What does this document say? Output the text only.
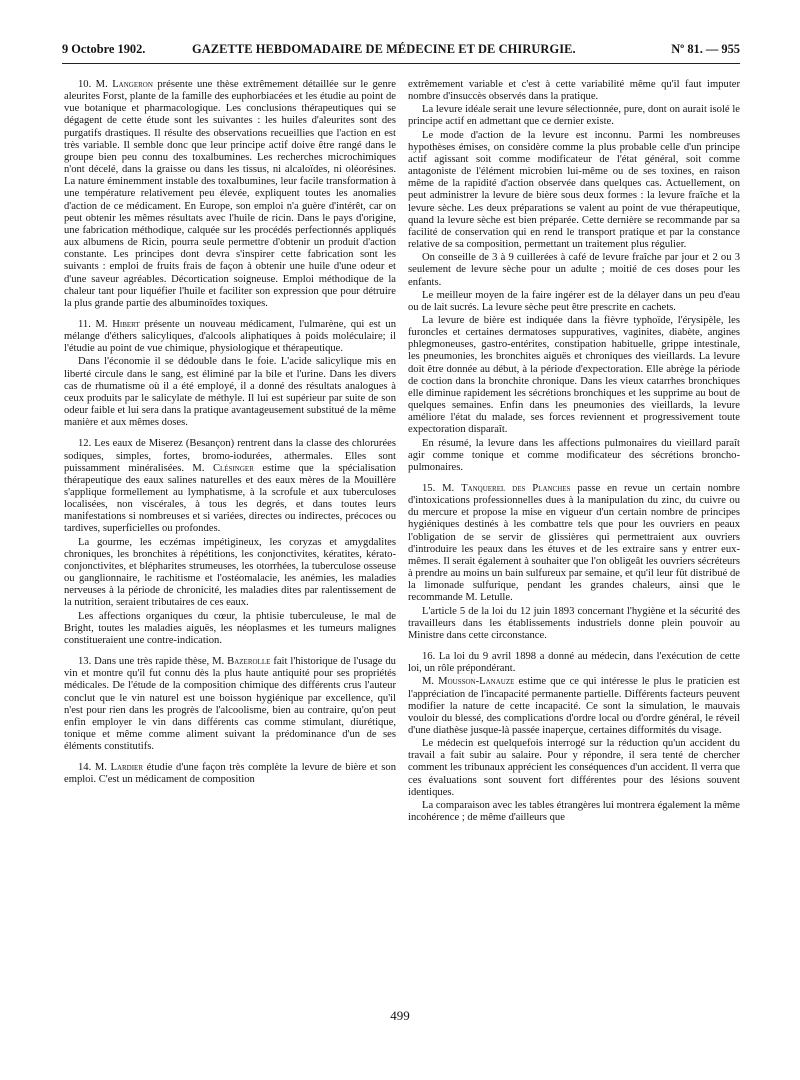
9 Octobre 1902.	GAZETTE HEBDOMADAIRE DE MÉDECINE ET DE CHIRURGIE.	Nº 81. — 955

10. M. Langeron présente une thèse extrêmement détaillée sur le genre aleurites Forst, plante de la famille des euphorbiacées et les étudie au point de vue botanique et pharmacologique. Les conclusions thérapeutiques qui se dégagent de cette étude sont les suivantes : les huiles d'aleurites sont des purgatifs drastiques. Il résulte des observations recueillies que l'action en est très variable. Il semble donc que leur principe actif doive être rangé dans le groupe bien peu connu des toxalbumines. Les recherches microchimiques n'ont décelé, dans la graisse ou dans les tissus, ni alcaloïdes, ni oléorésines. La nature éminemment instable des toxalbumines, leur facile transformation à une température relativement peu élevée, expliquent toutes les anomalies d'action de ce médicament. En Europe, son emploi n'a guère d'intérêt, car on peut obtenir les mêmes résultats avec l'huile de ricin. Dans le pays d'origine, une fabrication méthodique, calquée sur les procédés perfectionnés appliqués aux albumens de Ricin, pourra seule permettre d'obtenir un produit d'action constante. Les principes dont devra s'inspirer cette fabrication sont les suivants : emploi de fruits frais de façon à obtenir une huile d'une odeur et d'une saveur agréables. Décortication soigneuse. Emploi méthodique de la chaleur tant pour liquéfier l'huile et faciliter son expression que pour détruire la plus grande partie des albuminoïdes toxiques.

11. M. Hibert présente un nouveau médicament, l'ulmarène, qui est un mélange d'éthers salicyliques, d'alcools aliphatiques à poids moléculaire; il l'étudie au point de vue chimique, physiologique et thérapeutique.

Dans l'économie il se dédouble dans le foie. L'acide salicylique mis en liberté circule dans le sang, est éliminé par la bile et l'urine. Dans les divers cas de rhumatisme où il a été employé, il a donné des résultats analogues à ceux produits par le salicylate de méthyle. Il lui est supérieur par suite de son odeur faible et lui sera dans la pratique avantageusement substitué de la même manière et aux mêmes doses.

12. Les eaux de Miserez (Besançon) rentrent dans la classe des chlorurées sodiques, simples, fortes, bromo-iodurées, athermales. Elles sont puissamment minéralisées. M. Clésinger estime que la spécialisation thérapeutique des eaux salines naturelles et des eaux mères de la Mouillère s'applique formellement au lymphatisme, à la scrofule et aux tuberculoses localisées, non viscérales, à tous les degrés, et dans toutes leurs manifestations si nombreuses et si variées, directes ou indirectes, précoces ou tardives, superficielles ou profondes.

La gourme, les eczémas impétigineux, les coryzas et amygdalites chroniques, les bronchites à répétitions, les conjonctivites, kératites, kérato-conjonctivites, et blépharites strumeuses, les otorrhées, la tuberculose osseuse ou ganglionnaire, le rachitisme et l'ostéomalacie, les anémies, les maladies nerveuses à la période de chronicité, les maladies dites par ralentissement de la nutrition, seraient tributaires de ces eaux.

Les affections organiques du cœur, la phtisie tuberculeuse, le mal de Bright, toutes les maladies aiguës, les néoplasmes et les tumeurs malignes constitueraient une contre-indication.

13. Dans une très rapide thèse, M. Bazerolle fait l'historique de l'usage du vin et montre qu'il fut connu dès la plus haute antiquité pour ses propriétés médicales. De l'étude de la composition chimique des différents crus l'auteur conclut que le vin naturel est une boisson hygiénique par excellence, qu'il n'est pour rien dans les progrès de l'alcoolisme, bien au contraire, qu'on peut enfin employer le vin dans différents cas comme stimulant, diurétique, tonique et même comme aliment suivant la prédominance d'un de ses éléments constitutifs.

14. M. Lardier étudie d'une façon très complète la levure de bière et son emploi. C'est un médicament de composition

extrêmement variable et c'est à cette variabilité même qu'il faut imputer nombre d'insuccès observés dans la pratique.

La levure idéale serait une levure sélectionnée, pure, dont on aurait isolé le principe actif en admettant que ce dernier existe.

Le mode d'action de la levure est inconnu. Parmi les nombreuses hypothèses émises, on considère comme la plus probable celle d'un principe actif agissant soit comme modificateur de l'état général, soit comme antagoniste de l'élément microbien lui-même ou de ses toxines, en raison même de la rapidité d'action observée dans quelques cas. Actuellement, on peut administrer la levure de bière sous deux formes : la levure fraîche et la levure sèche. Les deux préparations se valent au point de vue thérapeutique, quand la levure sèche est bien préparée. Cette dernière se recommande par sa facilité de conservation qui en rend le transport pratique et par la constance relative de sa composition, permettant un traitement plus régulier.

On conseille de 3 à 9 cuillerées à café de levure fraîche par jour et 2 ou 3 seulement de levure sèche pour un adulte ; moitié de ces doses pour les enfants.

Le meilleur moyen de la faire ingérer est de la délayer dans un peu d'eau ou de lait sucrés. La levure sèche peut être prescrite en cachets.

La levure de bière est indiquée dans la fièvre typhoïde, l'érysipèle, les furoncles et certaines dermatoses suppuratives, vaginites, diabète, angines phlegmoneuses, gastro-entérites, constipation habituelle, grippe intestinale, les pneumonies, les bronchites aiguës et chroniques des vieillards. La levure doit être donnée au début, à la période d'expectoration. Elle abrège la période de coction dans la bronchite chronique. Dans les vieux catarrhes bronchiques elle diminue rapidement les sécrétions bronchiques et les supprime au bout de quelques semaines. Enfin dans les pneumonies des vieillards, la levure améliore l'état du malade, ses forces reviennent et progressivement toute expectoration disparaît.

En résumé, la levure dans les affections pulmonaires du vieillard paraît agir comme tonique et comme modificateur des sécrétions broncho-pulmonaires.

15. M. Tanquerel des Planches passe en revue un certain nombre d'intoxications professionnelles dues à la manipulation du zinc, du cuivre ou du mercure et propose la mise en vigueur d'un certain nombre de principes hygiéniques destinés à les combattre tels que pour les ouvriers en peaux l'obligation de se servir de glissières qui permettraient aux ouvriers d'introduire les peaux dans les étuves et de les extraire sans y entrer eux-mêmes. Il serait également à souhaiter que l'on obligeât les ouvriers sécréteurs à prendre au moins un bain sulfureux par semaine, et qu'il leur fût distribué de la limonade sulfurique, pendant les grandes chaleurs, ainsi que le recommande M. Letulle.

L'article 5 de la loi du 12 juin 1893 concernant l'hygiène et la sécurité des travailleurs dans les établissements industriels donne plein pouvoir au Ministre dans cette circonstance.

16. La loi du 9 avril 1898 a donné au médecin, dans l'exécution de cette loi, un rôle prépondérant.

M. Mousson-Lanauze estime que ce qui intéresse le plus le praticien est l'appréciation de l'incapacité permanente partielle. Différents facteurs peuvent modifier la nature de cette incapacité. Ce sont la simulation, le mauvais vouloir du blessé, des complications d'ordre local ou d'ordre général, le réveil d'une diathèse jusque-là passée inaperçue, certaines difformités du visage.

Le médecin est quelquefois interrogé sur la réduction qu'un accident du travail a fait subir au salaire. Pour y répondre, il sera tenté de chercher comment les tribunaux apprécient les conséquences d'un accident. Il verra que ces évaluations sont souvent fort différentes pour des lésions souvent identiques.

La comparaison avec les tables étrangères lui montrera également la même incohérence ; de même d'ailleurs que

499
